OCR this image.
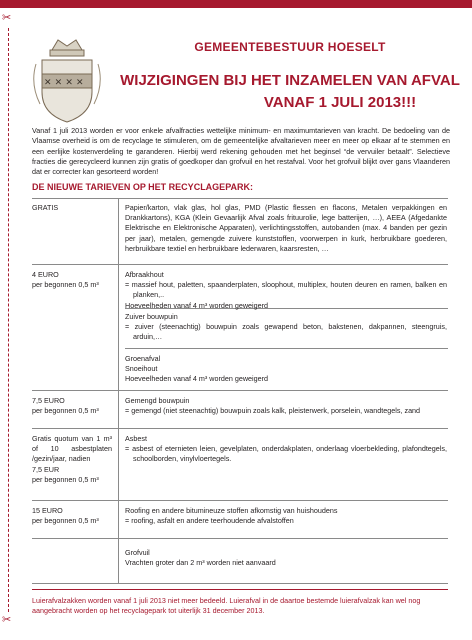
✂
✂
✕ ✕ ✕ ✕
GEMEENTEBESTUUR HOESELT
WIJZIGINGEN BIJ HET INZAMELEN VAN AFVAL
VANAF 1 JULI 2013!!!
Vanaf 1 juli 2013 worden er voor enkele afvalfracties wettelijke minimum- en maximumtarieven van kracht. De bedoeling van de Vlaamse overheid is om de recyclage te stimuleren, om de gemeentelijke afvaltarieven meer en meer op elkaar af te stemmen en een eerlijke kostenverdeling te garanderen. Hierbij werd rekening gehouden met het beginsel “de vervuiler betaalt”. Selectieve fracties die gerecycleerd kunnen zijn gratis of goedkoper dan grofvuil en het restafval. Voor het grofvuil blijkt over gans Vlaanderen dat er correcter kan gesorteerd worden!
DE NIEUWE TARIEVEN OP HET RECYCLAGEPARK:
GRATIS	Papier/karton, vlak glas, hol glas, PMD (Plastic flessen en flacons, Metalen verpakkingen en Drankkartons), KGA (Klein Gevaarlijk Afval zoals frituurolie, lege batterijen, …), AEEA (Afgedankte Elektrische en Elektronische Apparaten), verlichtingsstoffen, autobanden (max. 4 banden per gezin per jaar), metalen, gemengde zuivere kunststoffen, voorwerpen in kurk, herbruikbare goederen, herbruikbare textiel en herbruikbare lederwaren, kaarsresten, …
4 EURO
per begonnen 0,5 m³

Afbraakhout

= massief hout, paletten, spaanderplaten, sloophout, multiplex, houten deuren en ramen, balken en planken,..

Hoeveelheden vanaf 4 m³ worden geweigerd

Zuiver bouwpuin

= zuiver (steenachtig) bouwpuin zoals gewapend beton, bakstenen, dakpannen, steengruis, arduin,…

Groenafval

Snoeihout

Hoeveelheden vanaf 4 m³ worden geweigerd

7,5 EURO
per begonnen 0,5 m³

Gemengd bouwpuin

= gemengd (niet steenachtig) bouwpuin zoals kalk, pleisterwerk, porselein, wandtegels, zand

Gratis quotum van 1 m³ of 10 asbestplaten /gezin/jaar, nadien
7,5 EUR
per begonnen 0,5 m³

Asbest

= asbest of eternieten leien, gevelplaten, onderdakplaten, onderlaag vloerbekleding, plafondtegels, schoolborden, vinylvloertegels.

15 EURO
per begonnen 0,5 m³

Roofing en andere bitumineuze stoffen afkomstig van huishoudens

= roofing, asfalt en andere teerhoudende afvalstoffen

Grofvuil

Vrachten groter dan 2 m³ worden niet aanvaard

Luierafvalzakken worden vanaf 1 juli 2013 niet meer bedeeld. Luierafval in de daartoe bestemde luierafvalzak kan wel nog aangebracht worden op het recyclagepark tot uiterlijk 31 december 2013.
